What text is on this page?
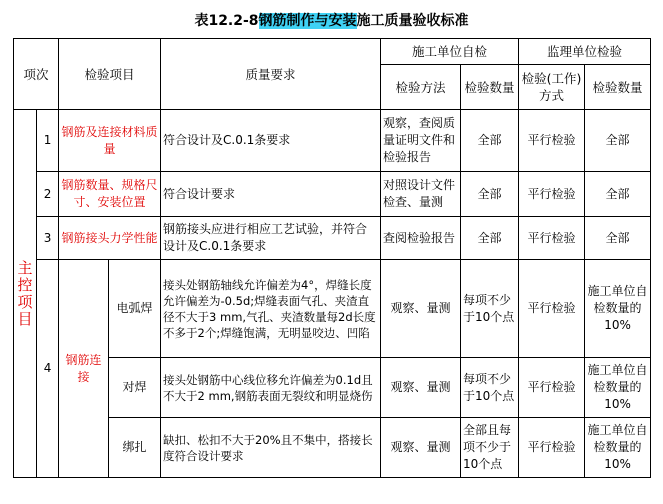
表12.2-8钢筋制作与安装施工质量验收标准
项次		检验项目		质量要求	施工单位自检		监理单位检验	
					检验方法	检验数量	检验(工作)方式	检验数量

主控项目	1	钢筋及连接材料质量		符合设计及C.0.1条要求	观察，查阅质量证明文件和检验报告	全部	平行检验	全部
	2	钢筋数量、规格尺寸、安装位置		符合设计要求	对照设计文件检查、量测	全部	平行检验	全部
	3	钢筋接头力学性能		钢筋接头应进行相应工艺试验，并符合设计及C.0.1条要求	查阅检验报告	全部	平行检验	全部
	4	钢筋连接	电弧焊	接头处钢筋轴线允许偏差为4°，焊缝长度允许偏差为-0.5d;焊缝表面气孔、夹渣直径不大于3 mm,气孔、夹渣数量每2d长度不多于2个;焊缝饱满，无明显咬边、凹陷	观察、量测	每项不少于10个点	平行检验	施工单位自检数量的 10%
			对焊	接头处钢筋中心线位移允许偏差为0.1d且不大于2 mm,钢筋表面无裂纹和明显烧伤	观察、量测	每项不少于10个点	平行检验	施工单位自检数量的 10%
			绑扎	缺扣、松扣不大于20%且不集中，搭接长度符合设计要求	观察、量测	全部且每项不少于10个点	平行检验	施工单位自检数量的 10%
